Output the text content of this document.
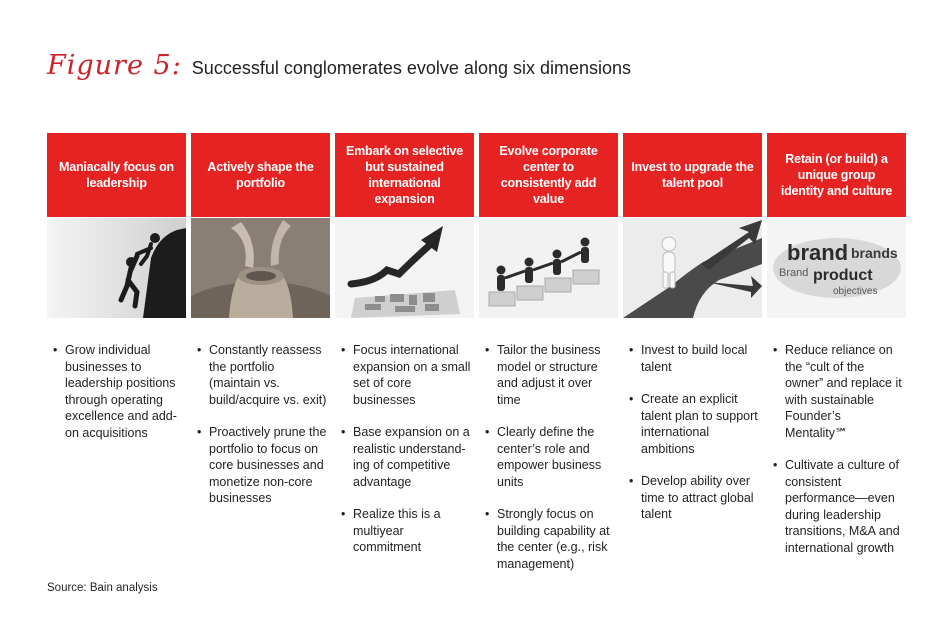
Figure 5: Successful conglomerates evolve along six dimensions
Maniacally focus on leadership
• Grow individual businesses to leadership positions through operating excellence and add-on acquisitions
Actively shape the portfolio
• Constantly reassess the portfolio (maintain vs. build/acquire vs. exit)
• Proactively prune the portfolio to focus on core businesses and monetize non-core businesses
Embark on selective but sustained international expansion
• Focus international expansion on a small set of core businesses
• Base expansion on a realistic understand-ing of competitive advantage
• Realize this is a multiyear commitment
Evolve corporate center to consistently add value
• Tailor the business model or structure and adjust it over time
• Clearly define the center’s role and empower business units
• Strongly focus on building capability at the center (e.g., risk management)
Invest to upgrade the talent pool
• Invest to build local talent
• Create an explicit talent plan to support international ambitions
• Develop ability over time to attract global talent
Retain (or build) a unique group identity and culture
brand brands
Brand product
objectives
• Reduce reliance on the “cult of the owner” and replace it with sustainable Founder’s Mentality℠
• Cultivate a culture of consistent performance—even during leadership transitions, M&A and international growth
Source: Bain analysis
